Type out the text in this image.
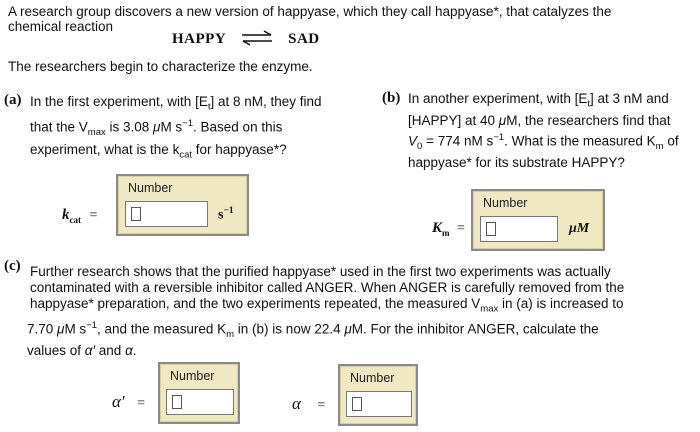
A research group discovers a new version of happyase, which they call happyase*, that catalyzes the
chemical reaction
HAPPY ⇌ SAD
The researchers begin to characterize the enzyme.
(a) In the first experiment, with $[E_t]$ at 8 nM, they find
that the $V_{max}$ is 3.08 μM $s^{-1}$. Based on this
experiment, what is the $k_{cat}$ for happyase*?
$k_{cat}$ =
Number
$s^{-1}$
(b) In another experiment, with $[E_t]$ at 3 nM and
[HAPPY] at 40 μM, the researchers find that
$V_0 = 774$ nM $s^{-1}$. What is the measured $K_m$ of
happyase* for its substrate HAPPY?
$K_m$ =
Number
μM
(c) Further research shows that the purified happyase* used in the first two experiments was actually
contaminated with a reversible inhibitor called ANGER. When ANGER is carefully removed from the
happyase* preparation, and the two experiments repeated, the measured $V_{max}$ in (a) is increased to
7.70 μM $s^{-1}$, and the measured $K_m$ in (b) is now 22.4 μM. For the inhibitor ANGER, calculate the
values of α′ and α.
α′ =
Number
α =
Number
